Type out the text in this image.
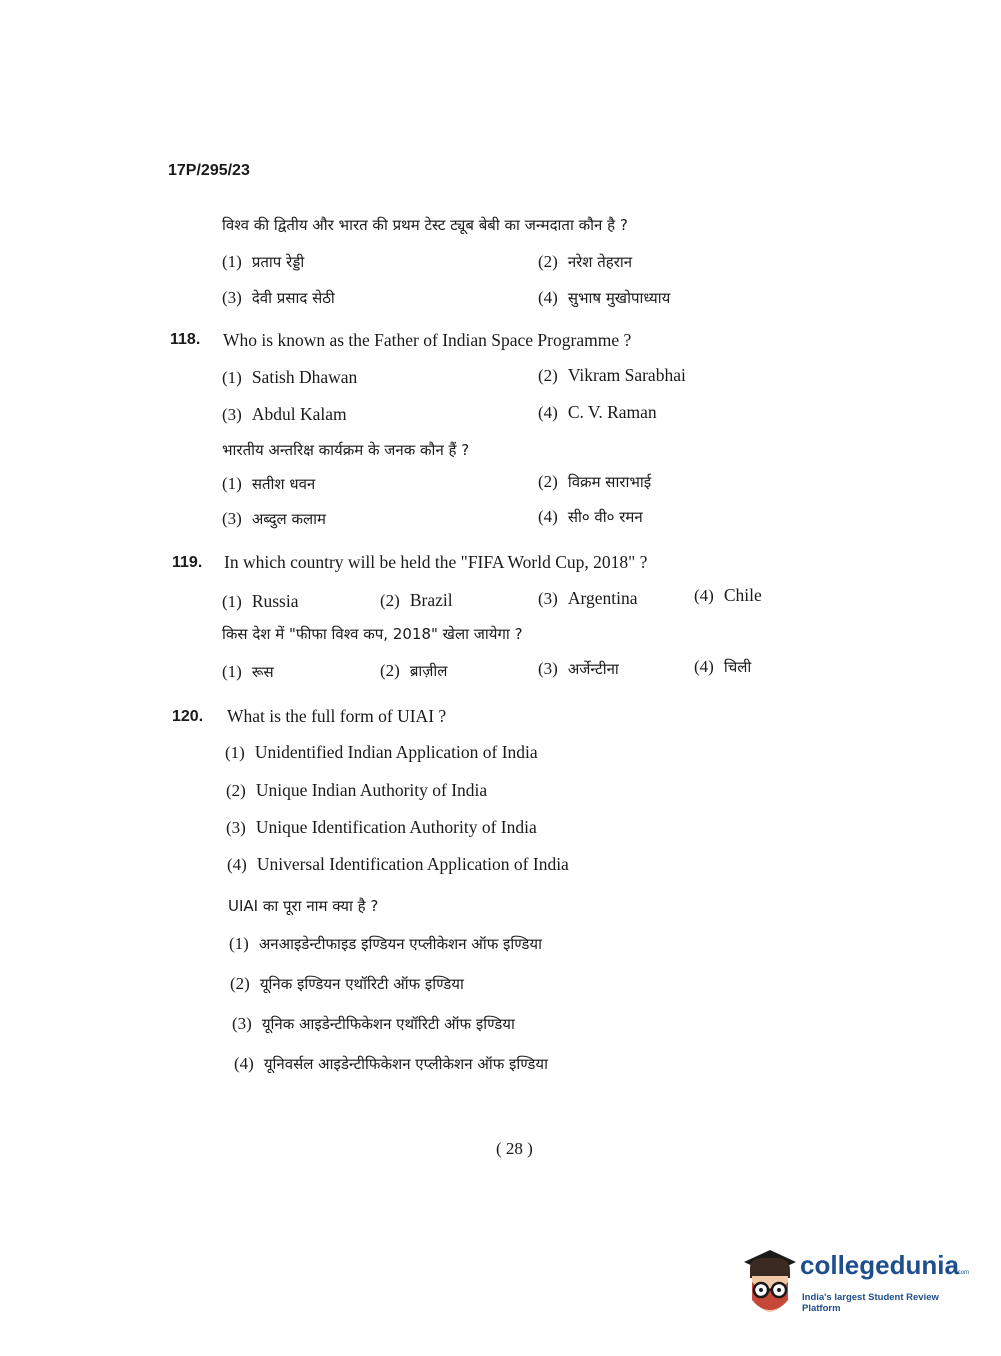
17P/295/23
विश्व की द्वितीय और भारत की प्रथम टेस्ट ट्यूब बेबी का जन्मदाता कौन है ?
(1) प्रताप रेड्डी	(2) नरेश तेहरान
(3) देवी प्रसाद सेठी	(4) सुभाष मुखोपाध्याय
118. Who is known as the Father of Indian Space Programme ?
(1) Satish Dhawan	(2) Vikram Sarabhai
(3) Abdul Kalam	(4) C. V. Raman
भारतीय अन्तरिक्ष कार्यक्रम के जनक कौन हैं ?
(1) सतीश धवन	(2) विक्रम साराभाई
(3) अब्दुल कलाम	(4) सी० वी० रमन
119. In which country will be held the "FIFA World Cup, 2018" ?
(1) Russia	(2) Brazil	(3) Argentina	(4) Chile
किस देश में "फीफा विश्व कप, 2018" खेला जायेगा ?
(1) रूस	(2) ब्राज़ील	(3) अर्जेन्टीना	(4) चिली
120. What is the full form of UIAI ?
(1) Unidentified Indian Application of India
(2) Unique Indian Authority of India
(3) Unique Identification Authority of India
(4) Universal Identification Application of India
UIAI का पूरा नाम क्या है ?
(1) अनआइडेन्टीफाइड इण्डियन एप्लीकेशन ऑफ इण्डिया
(2) यूनिक इण्डियन एथॉरिटी ऑफ इण्डिया
(3) यूनिक आइडेन्टीफिकेशन एथॉरिटी ऑफ इण्डिया
(4) यूनिवर्सल आइडेन्टीफिकेशन एप्लीकेशन ऑफ इण्डिया
( 28 )
collegedunia
.com
India's largest Student Review Platform
